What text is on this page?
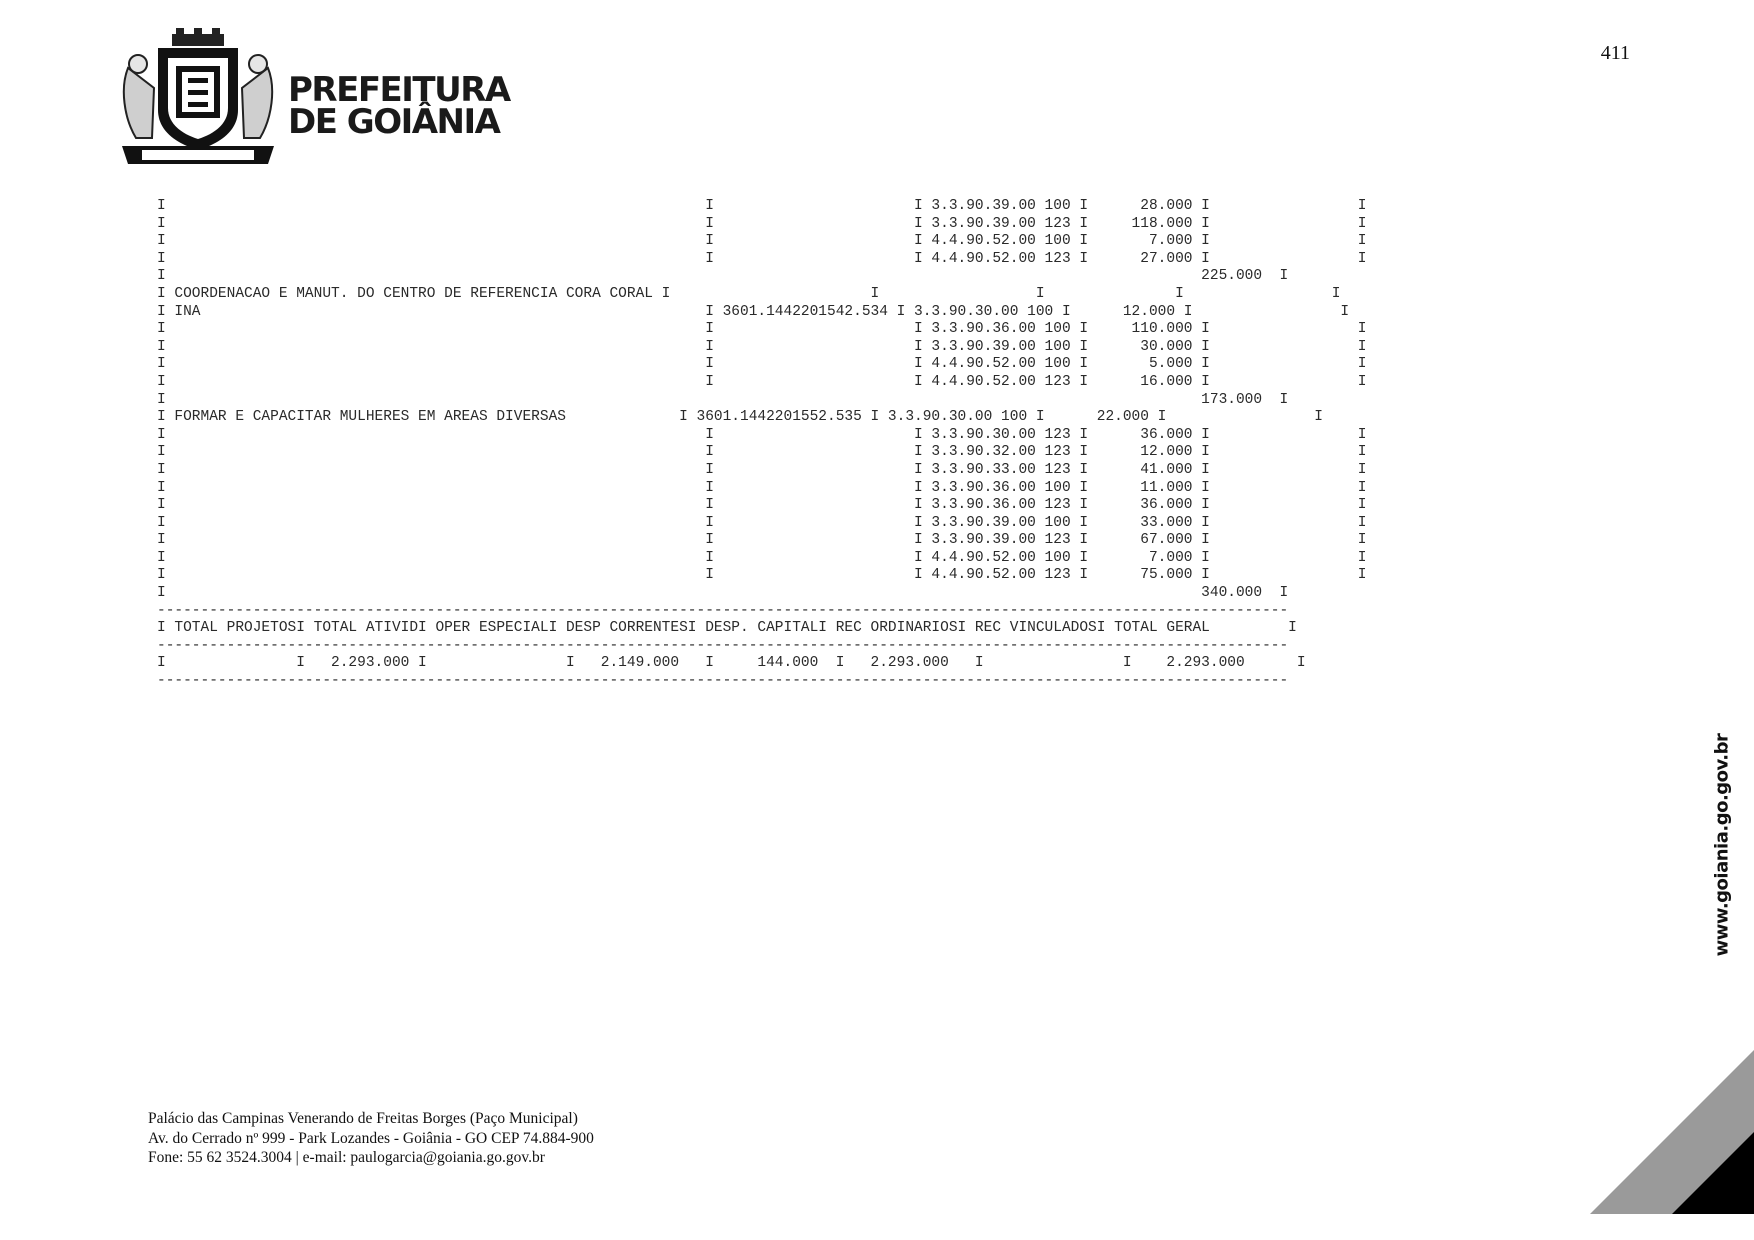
411
PREFEITURA
DE GOIÂNIA
I                                                              I                       I 3.3.90.39.00 100 I      28.000 I                 I
I                                                              I                       I 3.3.90.39.00 123 I     118.000 I                 I
I                                                              I                       I 4.4.90.52.00 100 I       7.000 I                 I
I                                                              I                       I 4.4.90.52.00 123 I      27.000 I                 I
I                                                                                                                       225.000  I
I COORDENACAO E MANUT. DO CENTRO DE REFERENCIA CORA CORAL I                       I                  I               I                 I
I INA                                                          I 3601.1442201542.534 I 3.3.90.30.00 100 I      12.000 I                 I
I                                                              I                       I 3.3.90.36.00 100 I     110.000 I                 I
I                                                              I                       I 3.3.90.39.00 100 I      30.000 I                 I
I                                                              I                       I 4.4.90.52.00 100 I       5.000 I                 I
I                                                              I                       I 4.4.90.52.00 123 I      16.000 I                 I
I                                                                                                                       173.000  I
I FORMAR E CAPACITAR MULHERES EM AREAS DIVERSAS             I 3601.1442201552.535 I 3.3.90.30.00 100 I      22.000 I                 I
I                                                              I                       I 3.3.90.30.00 123 I      36.000 I                 I
I                                                              I                       I 3.3.90.32.00 123 I      12.000 I                 I
I                                                              I                       I 3.3.90.33.00 123 I      41.000 I                 I
I                                                              I                       I 3.3.90.36.00 100 I      11.000 I                 I
I                                                              I                       I 3.3.90.36.00 123 I      36.000 I                 I
I                                                              I                       I 3.3.90.39.00 100 I      33.000 I                 I
I                                                              I                       I 3.3.90.39.00 123 I      67.000 I                 I
I                                                              I                       I 4.4.90.52.00 100 I       7.000 I                 I
I                                                              I                       I 4.4.90.52.00 123 I      75.000 I                 I
I                                                                                                                       340.000  I
----------------------------------------------------------------------------------------------------------------------------------
I TOTAL PROJETOSI TOTAL ATIVIDI OPER ESPECIALI DESP CORRENTESI DESP. CAPITALI REC ORDINARIOSI REC VINCULADOSI TOTAL GERAL         I
----------------------------------------------------------------------------------------------------------------------------------
I               I   2.293.000 I                I   2.149.000   I     144.000  I   2.293.000   I                I    2.293.000      I
----------------------------------------------------------------------------------------------------------------------------------
Palácio das Campinas Venerando de Freitas Borges (Paço Municipal)
Av. do Cerrado nº 999 - Park Lozandes - Goiânia - GO CEP 74.884-900
Fone: 55 62 3524.3004 | e-mail: paulogarcia@goiania.go.gov.br
www.goiania.go.gov.br
